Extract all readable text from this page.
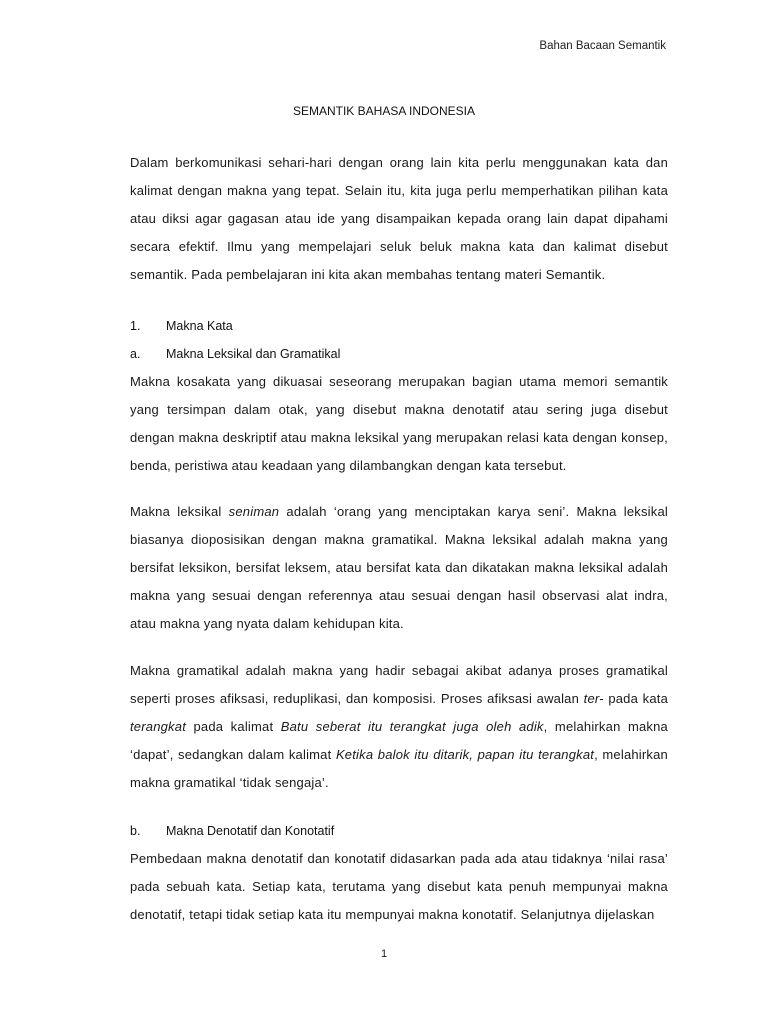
Bahan Bacaan Semantik
SEMANTIK BAHASA INDONESIA

Dalam berkomunikasi sehari-hari dengan orang lain kita perlu menggunakan kata dan kalimat dengan makna yang tepat. Selain itu, kita juga perlu memperhatikan pilihan kata atau diksi agar gagasan atau ide yang disampaikan kepada orang lain dapat dipahami secara efektif. Ilmu yang mempelajari seluk beluk makna kata dan kalimat disebut semantik. Pada pembelajaran ini kita akan membahas tentang materi Semantik.

1.	Makna Kata
a.	Makna Leksikal dan Gramatikal

Makna kosakata yang dikuasai seseorang merupakan bagian utama memori semantik yang tersimpan dalam otak, yang disebut makna denotatif atau sering juga disebut dengan makna deskriptif atau makna leksikal yang merupakan relasi kata dengan konsep, benda, peristiwa atau keadaan yang dilambangkan dengan kata tersebut.

Makna leksikal seniman adalah ‘orang yang menciptakan karya seni’. Makna leksikal biasanya dioposisikan dengan makna gramatikal. Makna leksikal adalah makna yang bersifat leksikon, bersifat leksem, atau bersifat kata dan dikatakan makna leksikal adalah makna yang sesuai dengan referennya atau sesuai dengan hasil observasi alat indra, atau makna yang nyata dalam kehidupan kita.

Makna gramatikal adalah makna yang hadir sebagai akibat adanya proses gramatikal seperti proses afiksasi, reduplikasi, dan komposisi. Proses afiksasi awalan ter- pada kata terangkat pada kalimat Batu seberat itu terangkat juga oleh adik, melahirkan makna ‘dapat’, sedangkan dalam kalimat Ketika balok itu ditarik, papan itu terangkat, melahirkan makna gramatikal ‘tidak sengaja’.

b.	Makna Denotatif dan Konotatif

Pembedaan makna denotatif dan konotatif didasarkan pada ada atau tidaknya ‘nilai rasa’ pada sebuah kata. Setiap kata, terutama yang disebut kata penuh mempunyai makna denotatif, tetapi tidak setiap kata itu mempunyai makna konotatif. Selanjutnya dijelaskan

1
